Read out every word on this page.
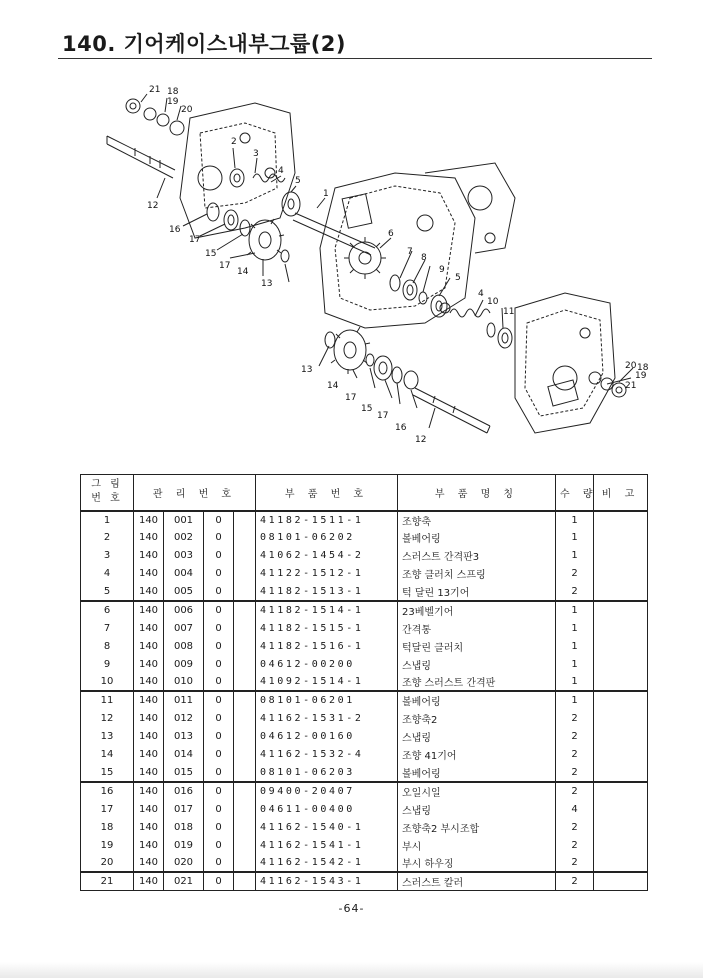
140. 기어케이스내부그룹(2)
21 18
19
20
2
3
4
5
1
12
16
17
15
17
14
13
6
7
8
9
5
4
10
11
13
14
17
15
17
16
12
20 18
19
21
그 림 번 호	관 리 번 호				부 품 번 호	부 품 명 칭	수 량	비 고
1	140	001	0		41182-1511-1	조향축	1	
2	140	002	0		08101-06202	볼베어링	1	
3	140	003	0		41062-1454-2	스러스트 간격판3	1	
4	140	004	0		41122-1512-1	조향 클러치 스프링	2	
5	140	005	0		41182-1513-1	턱 달린 13기어	2	
6	140	006	0		41182-1514-1	23베벨기어	1	
7	140	007	0		41182-1515-1	간격통	1	
8	140	008	0		41182-1516-1	턱달린 클러치	1	
9	140	009	0		04612-00200	스냅링	1	
10	140	010	0		41092-1514-1	조향 스러스트 간격판	1	
11	140	011	0		08101-06201	볼베어링	1	
12	140	012	0		41162-1531-2	조향축2	2	
13	140	013	0		04612-00160	스냅링	2	
14	140	014	0		41162-1532-4	조향 41기어	2	
15	140	015	0		08101-06203	볼베어링	2	
16	140	016	0		09400-20407	오일시일	2	
17	140	017	0		04611-00400	스냅링	4	
18	140	018	0		41162-1540-1	조향축2 부시조합	2	
19	140	019	0		41162-1541-1	부시	2	
20	140	020	0		41162-1542-1	부시 하우징	2	
21	140	021	0		41162-1543-1	스러스트 칼러	2	
-64-
